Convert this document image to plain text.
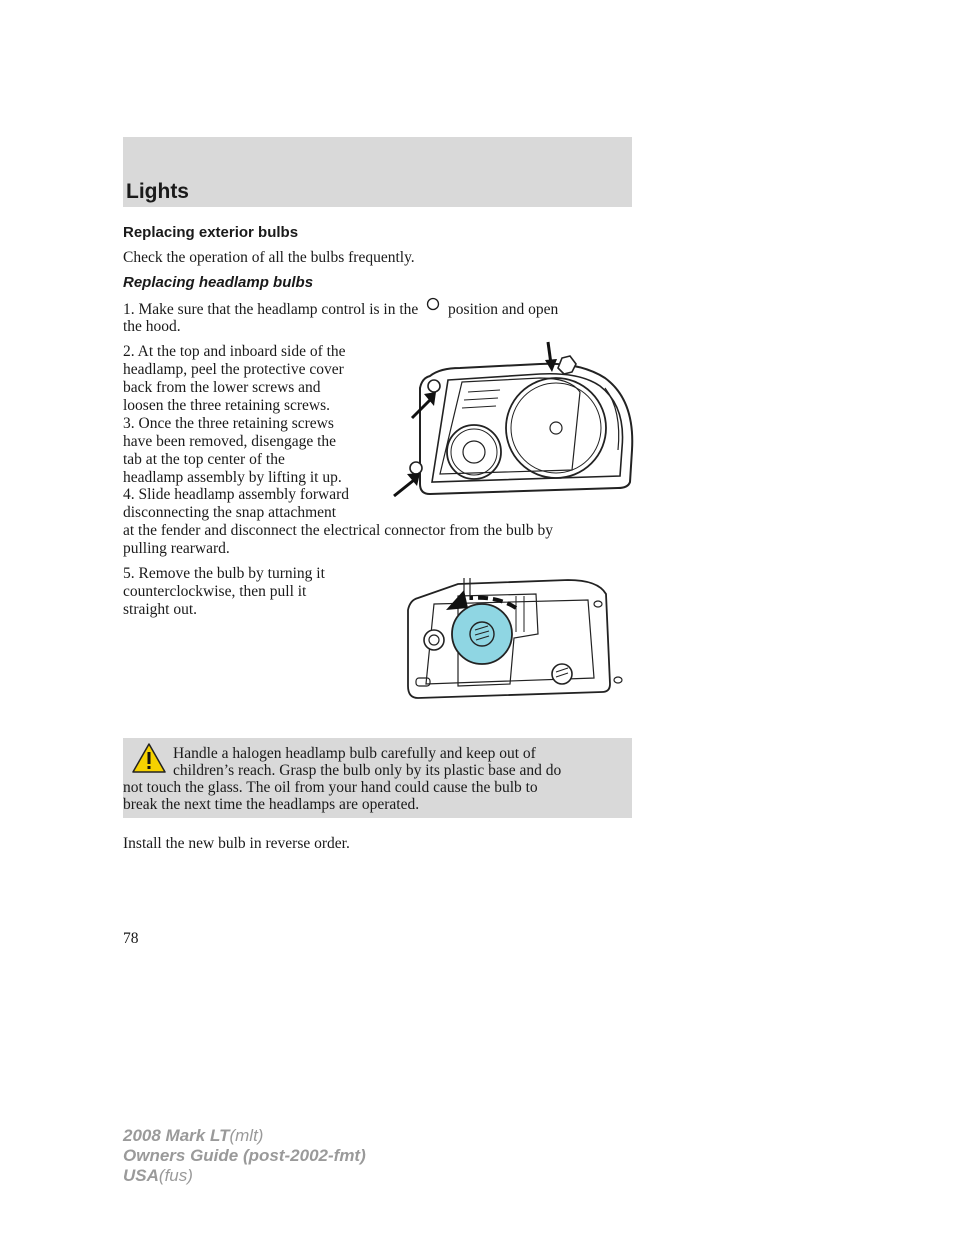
Lights
Replacing exterior bulbs
Check the operation of all the bulbs frequently.
Replacing headlamp bulbs
1. Make sure that the headlamp control is in the position and open
the hood.
2. At the top and inboard side of the
headlamp, peel the protective cover
back from the lower screws and
loosen the three retaining screws.
3. Once the three retaining screws
have been removed, disengage the
tab at the top center of the
headlamp assembly by lifting it up.
4. Slide headlamp assembly forward
disconnecting the snap attachment
at the fender and disconnect the electrical connector from the bulb by
pulling rearward.
5. Remove the bulb by turning it
counterclockwise, then pull it
straight out.
Handle a halogen headlamp bulb carefully and keep out of
children’s reach. Grasp the bulb only by its plastic base and do
not touch the glass. The oil from your hand could cause the bulb to
break the next time the headlamps are operated.
Install the new bulb in reverse order.
78
2008 Mark LT(mlt)
Owners Guide (post-2002-fmt)
USA(fus)
